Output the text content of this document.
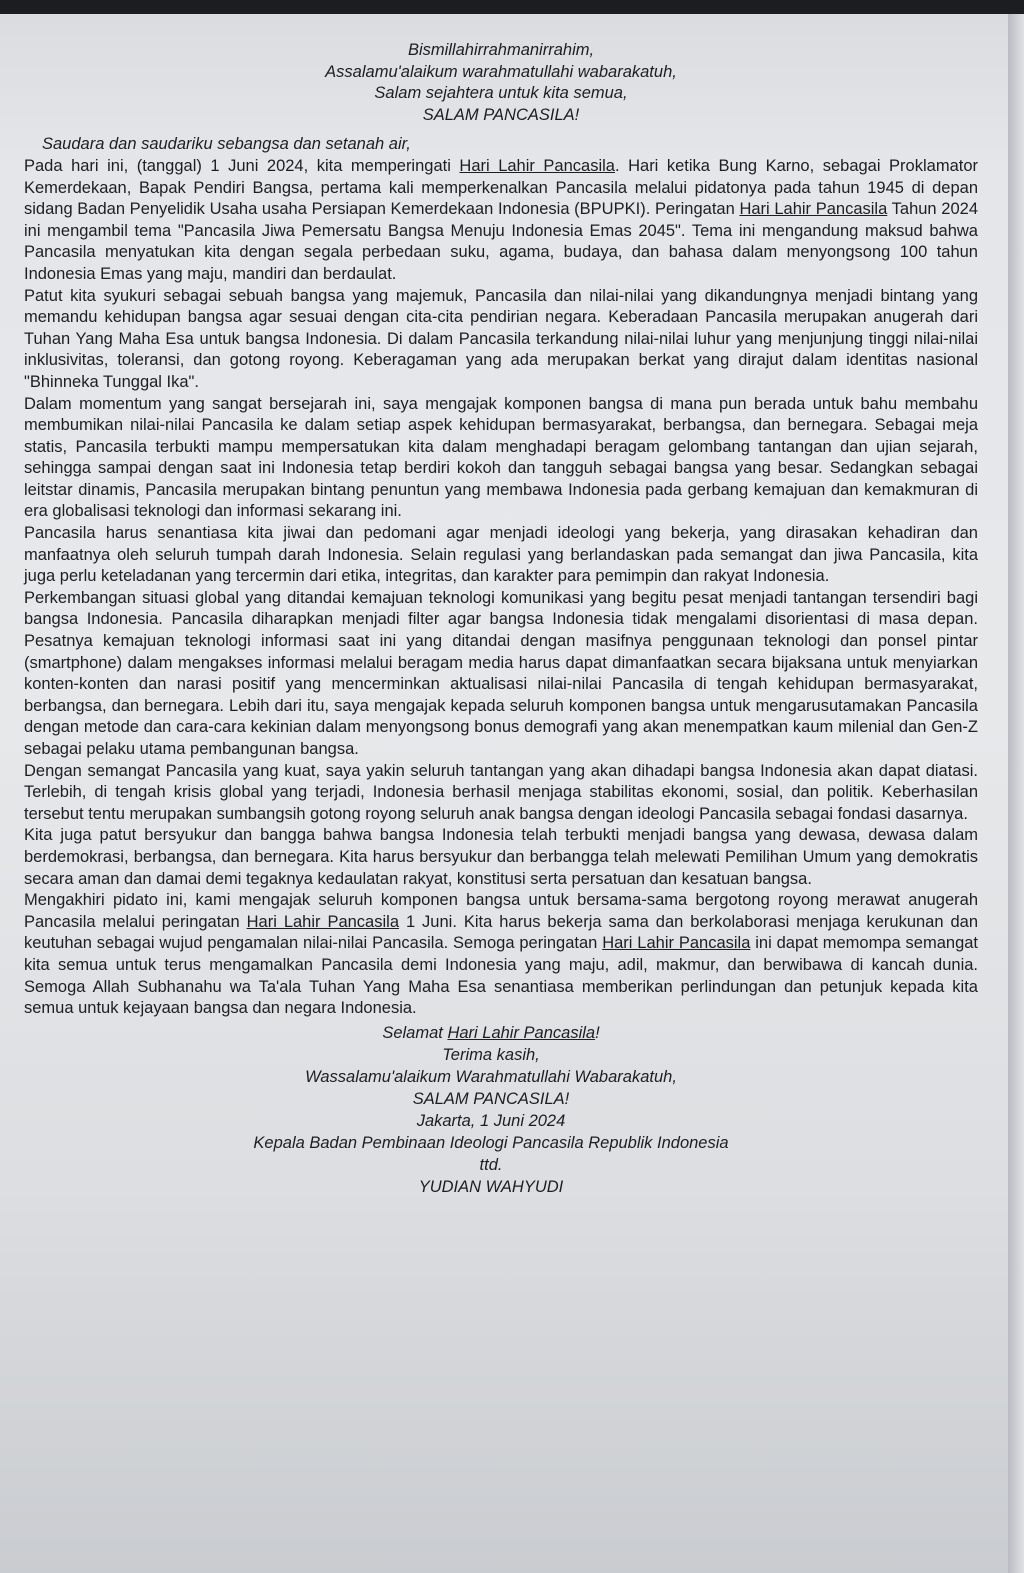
Bismillahirrahmanirrahim,
Assalamu'alaikum warahmatullahi wabarakatuh,
Salam sejahtera untuk kita semua,
SALAM PANCASILA!
Saudara dan saudariku sebangsa dan setanah air,

Pada hari ini, (tanggal) 1 Juni 2024, kita memperingati Hari Lahir Pancasila. Hari ketika Bung Karno, sebagai Proklamator Kemerdekaan, Bapak Pendiri Bangsa, pertama kali memperkenalkan Pancasila melalui pidatonya pada tahun 1945 di depan sidang Badan Penyelidik Usaha usaha Persiapan Kemerdekaan Indonesia (BPUPKI). Peringatan Hari Lahir Pancasila Tahun 2024 ini mengambil tema "Pancasila Jiwa Pemersatu Bangsa Menuju Indonesia Emas 2045". Tema ini mengandung maksud bahwa Pancasila menyatukan kita dengan segala perbedaan suku, agama, budaya, dan bahasa dalam menyongsong 100 tahun Indonesia Emas yang maju, mandiri dan berdaulat.

Patut kita syukuri sebagai sebuah bangsa yang majemuk, Pancasila dan nilai-nilai yang dikandungnya menjadi bintang yang memandu kehidupan bangsa agar sesuai dengan cita-cita pendirian negara. Keberadaan Pancasila merupakan anugerah dari Tuhan Yang Maha Esa untuk bangsa Indonesia. Di dalam Pancasila terkandung nilai-nilai luhur yang menjunjung tinggi nilai-nilai inklusivitas, toleransi, dan gotong royong. Keberagaman yang ada merupakan berkat yang dirajut dalam identitas nasional "Bhinneka Tunggal Ika".

Dalam momentum yang sangat bersejarah ini, saya mengajak komponen bangsa di mana pun berada untuk bahu membahu membumikan nilai-nilai Pancasila ke dalam setiap aspek kehidupan bermasyarakat, berbangsa, dan bernegara. Sebagai meja statis, Pancasila terbukti mampu mempersatukan kita dalam menghadapi beragam gelombang tantangan dan ujian sejarah, sehingga sampai dengan saat ini Indonesia tetap berdiri kokoh dan tangguh sebagai bangsa yang besar. Sedangkan sebagai leitstar dinamis, Pancasila merupakan bintang penuntun yang membawa Indonesia pada gerbang kemajuan dan kemakmuran di era globalisasi teknologi dan informasi sekarang ini.

Pancasila harus senantiasa kita jiwai dan pedomani agar menjadi ideologi yang bekerja, yang dirasakan kehadiran dan manfaatnya oleh seluruh tumpah darah Indonesia. Selain regulasi yang berlandaskan pada semangat dan jiwa Pancasila, kita juga perlu keteladanan yang tercermin dari etika, integritas, dan karakter para pemimpin dan rakyat Indonesia.

Perkembangan situasi global yang ditandai kemajuan teknologi komunikasi yang begitu pesat menjadi tantangan tersendiri bagi bangsa Indonesia. Pancasila diharapkan menjadi filter agar bangsa Indonesia tidak mengalami disorientasi di masa depan. Pesatnya kemajuan teknologi informasi saat ini yang ditandai dengan masifnya penggunaan teknologi dan ponsel pintar (smartphone) dalam mengakses informasi melalui beragam media harus dapat dimanfaatkan secara bijaksana untuk menyiarkan konten-konten dan narasi positif yang mencerminkan aktualisasi nilai-nilai Pancasila di tengah kehidupan bermasyarakat, berbangsa, dan bernegara. Lebih dari itu, saya mengajak kepada seluruh komponen bangsa untuk mengarusutamakan Pancasila dengan metode dan cara-cara kekinian dalam menyongsong bonus demografi yang akan menempatkan kaum milenial dan Gen-Z sebagai pelaku utama pembangunan bangsa.

Dengan semangat Pancasila yang kuat, saya yakin seluruh tantangan yang akan dihadapi bangsa Indonesia akan dapat diatasi. Terlebih, di tengah krisis global yang terjadi, Indonesia berhasil menjaga stabilitas ekonomi, sosial, dan politik. Keberhasilan tersebut tentu merupakan sumbangsih gotong royong seluruh anak bangsa dengan ideologi Pancasila sebagai fondasi dasarnya.

Kita juga patut bersyukur dan bangga bahwa bangsa Indonesia telah terbukti menjadi bangsa yang dewasa, dewasa dalam berdemokrasi, berbangsa, dan bernegara. Kita harus bersyukur dan berbangga telah melewati Pemilihan Umum yang demokratis secara aman dan damai demi tegaknya kedaulatan rakyat, konstitusi serta persatuan dan kesatuan bangsa.

Mengakhiri pidato ini, kami mengajak seluruh komponen bangsa untuk bersama-sama bergotong royong merawat anugerah Pancasila melalui peringatan Hari Lahir Pancasila 1 Juni. Kita harus bekerja sama dan berkolaborasi menjaga kerukunan dan keutuhan sebagai wujud pengamalan nilai-nilai Pancasila. Semoga peringatan Hari Lahir Pancasila ini dapat memompa semangat kita semua untuk terus mengamalkan Pancasila demi Indonesia yang maju, adil, makmur, dan berwibawa di kancah dunia. Semoga Allah Subhanahu wa Ta'ala Tuhan Yang Maha Esa senantiasa memberikan perlindungan dan petunjuk kepada kita semua untuk kejayaan bangsa dan negara Indonesia.

Selamat Hari Lahir Pancasila!
Terima kasih,
Wassalamu'alaikum Warahmatullahi Wabarakatuh,
SALAM PANCASILA!
Jakarta, 1 Juni 2024
Kepala Badan Pembinaan Ideologi Pancasila Republik Indonesia
ttd.
YUDIAN WAHYUDI
